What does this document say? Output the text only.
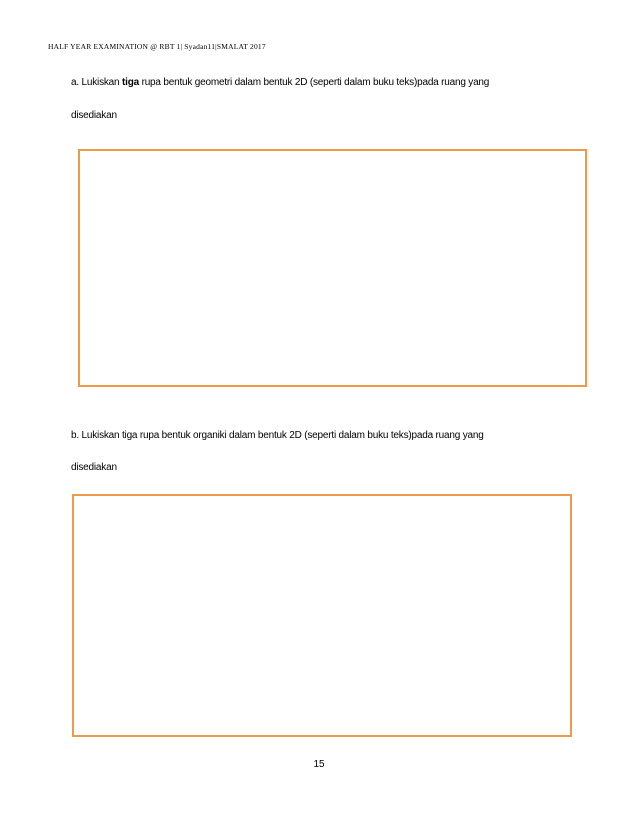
HALF YEAR EXAMINATION @ RBT 1| Syadan11|SMALAT 2017
a. Lukiskan tiga rupa bentuk geometri dalam bentuk 2D (seperti dalam buku teks)pada ruang yang
disediakan
b. Lukiskan tiga rupa bentuk organiki dalam bentuk 2D (seperti dalam buku teks)pada ruang yang
disediakan
15
